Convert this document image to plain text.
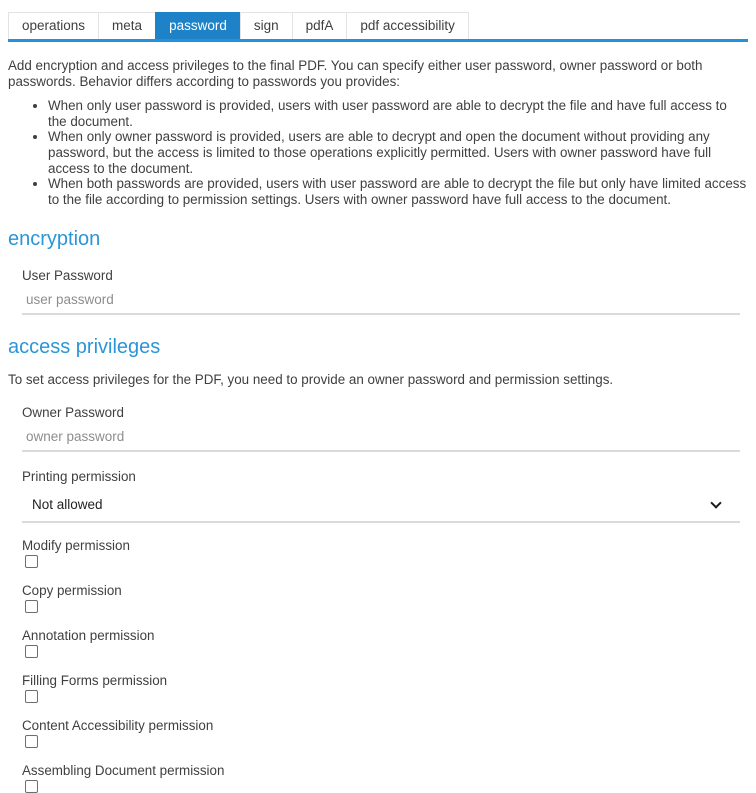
operations	meta	password	sign	pdfA	pdf accessibility

Add encryption and access privileges to the final PDF. You can specify either user password, owner password or both passwords. Behavior differs according to passwords you provides:

• When only user password is provided, users with user password are able to decrypt the file and have full access to the document.
• When only owner password is provided, users are able to decrypt and open the document without providing any password, but the access is limited to those operations explicitly permitted. Users with owner password have full access to the document.
• When both passwords are provided, users with user password are able to decrypt the file but only have limited access to the file according to permission settings. Users with owner password have full access to the document.
encryption
User Password
user password
access privileges

To set access privileges for the PDF, you need to provide an owner password and permission settings.

Owner Password
owner password
Printing permission
Not allowed
Modify permission
Copy permission
Annotation permission
Filling Forms permission
Content Accessibility permission
Assembling Document permission
